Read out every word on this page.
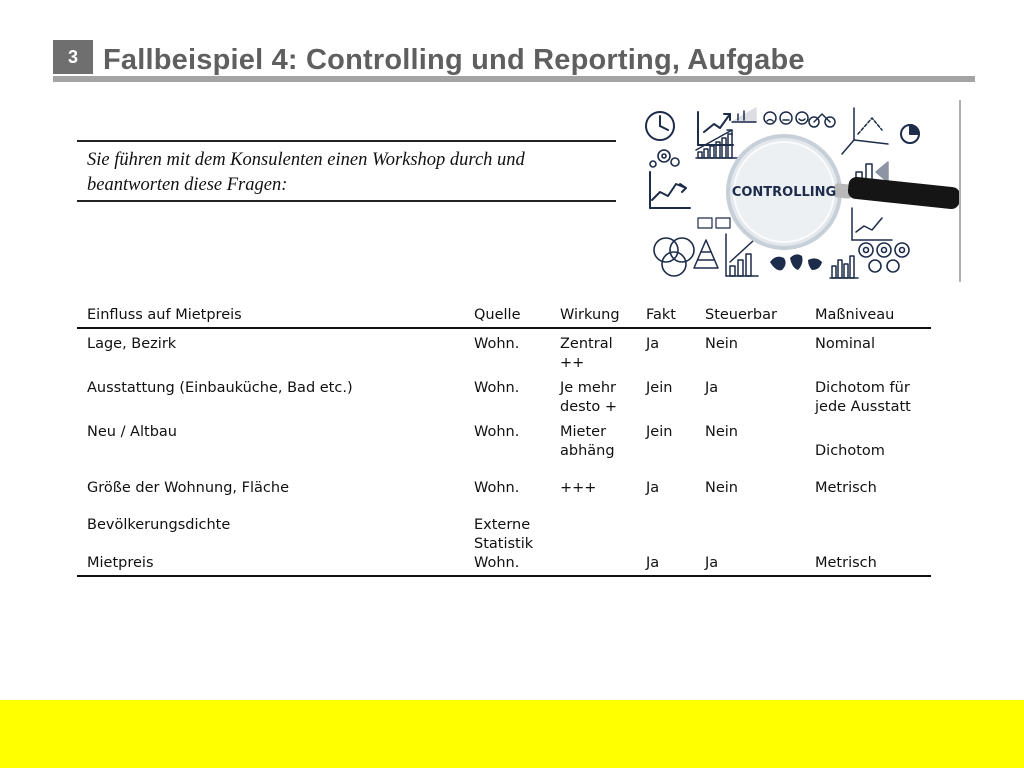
3 Fallbeispiel 4: Controlling und Reporting, Aufgabe
Sie führen mit dem Konsulenten einen Workshop durch und
beantworten diese Fragen:	CONTROLLING
Einfluss auf Mietpreis	Quelle	Wirkung	Fakt	Steuerbar	Maßniveau
Lage, Bezirk	Wohn.	Zentral ++	Ja	Nein	Nominal
Ausstattung (Einbauküche, Bad etc.)	Wohn.	Je mehr desto +	Jein	Ja	Dichotom für jede Ausstatt
Neu / Altbau	Wohn.	Mieter abhäng	Jein	Nein	Dichotom
Größe der Wohnung, Fläche	Wohn.	+++	Ja	Nein	Metrisch
Bevölkerungsdichte	Externe Statistik				
Mietpreis	Wohn.		Ja	Ja	Metrisch
